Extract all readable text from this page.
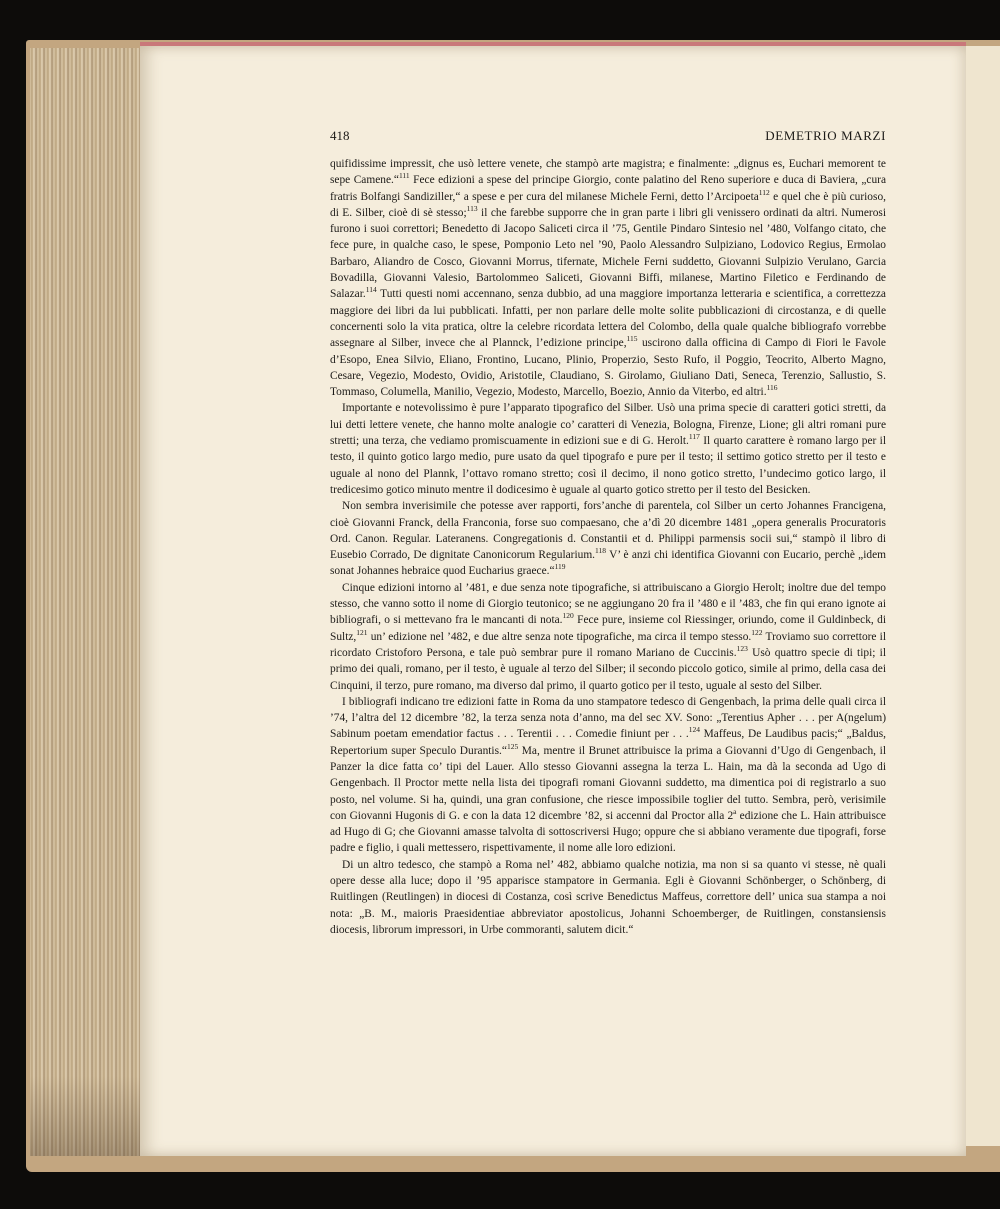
418	DEMETRIO MARZI

quifidissime impressit, che usò lettere venete, che stampò arte magistra; e finalmente: „dignus es, Euchari memorent te sepe Camene.“$^{111}$ Fece edizioni a spese del principe Giorgio, conte palatino del Reno superiore e duca di Baviera, „cura fratris Bolfangi Sandiziller,“ a spese e per cura del milanese Michele Ferni, detto l’Arcipoeta$^{112}$ e quel che è più curioso, di E. Silber, cioè di sè stesso;$^{113}$ il che farebbe supporre che in gran parte i libri gli venissero ordinati da altri. Numerosi furono i suoi correttori; Benedetto di Jacopo Saliceti circa il ’75, Gentile Pindaro Sintesio nel ’480, Volfango citato, che fece pure, in qualche caso, le spese, Pomponio Leto nel ’90, Paolo Alessandro Sulpiziano, Lodovico Regius, Ermolao Barbaro, Aliandro de Cosco, Giovanni Morrus, tifernate, Michele Ferni suddetto, Giovanni Sulpizio Verulano, Garcia Bovadilla, Giovanni Valesio, Bartolommeo Saliceti, Giovanni Biffi, milanese, Martino Filetico e Ferdinando de Salazar.$^{114}$ Tutti questi nomi accennano, senza dubbio, ad una maggiore importanza letteraria e scientifica, a correttezza maggiore dei libri da lui pubblicati. Infatti, per non parlare delle molte solite pubblicazioni di circostanza, e di quelle concernenti solo la vita pratica, oltre la celebre ricordata lettera del Colombo, della quale qualche bibliografo vorrebbe assegnare al Silber, invece che al Plannck, l’edizione principe,$^{115}$ uscirono dalla officina di Campo di Fiori le Favole d’Esopo, Enea Silvio, Eliano, Frontino, Lucano, Plinio, Properzio, Sesto Rufo, il Poggio, Teocrito, Alberto Magno, Cesare, Vegezio, Modesto, Ovidio, Aristotile, Claudiano, S. Girolamo, Giuliano Dati, Seneca, Terenzio, Sallustio, S. Tommaso, Columella, Manilio, Vegezio, Modesto, Marcello, Boezio, Annio da Viterbo, ed altri.$^{116}$

Importante e notevolissimo è pure l’apparato tipografico del Silber. Usò una prima specie di caratteri gotici stretti, da lui detti lettere venete, che hanno molte analogie co’ caratteri di Venezia, Bologna, Firenze, Lione; gli altri romani pure stretti; una terza, che vediamo promiscuamente in edizioni sue e di G. Herolt.$^{117}$ Il quarto carattere è romano largo per il testo, il quinto gotico largo medio, pure usato da quel tipografo e pure per il testo; il settimo gotico stretto per il testo e uguale al nono del Plannk, l’ottavo romano stretto; così il decimo, il nono gotico stretto, l’undecimo gotico largo, il tredicesimo gotico minuto mentre il dodicesimo è uguale al quarto gotico stretto per il testo del Besicken.

Non sembra inverisimile che potesse aver rapporti, fors’anche di parentela, col Silber un certo Johannes Francigena, cioè Giovanni Franck, della Franconia, forse suo compaesano, che a’dì 20 dicembre 1481 „opera generalis Procuratoris Ord. Canon. Regular. Lateranens. Congregationis d. Constantii et d. Philippi parmensis socii sui,“ stampò il libro di Eusebio Corrado, De dignitate Canonicorum Regularium.$^{118}$ V’ è anzi chi identifica Giovanni con Eucario, perchè „idem sonat Johannes hebraice quod Eucharius graece.“$^{119}$

Cinque edizioni intorno al ’481, e due senza note tipografiche, si attribuiscano a Giorgio Herolt; inoltre due del tempo stesso, che vanno sotto il nome di Giorgio teutonico; se ne aggiungano 20 fra il ’480 e il ’483, che fin qui erano ignote ai bibliografi, o si mettevano fra le mancanti di nota.$^{120}$ Fece pure, insieme col Riessinger, oriundo, come il Guldinbeck, di Sultz,$^{121}$ un’ edizione nel ’482, e due altre senza note tipografiche, ma circa il tempo stesso.$^{122}$ Troviamo suo correttore il ricordato Cristoforo Persona, e tale può sembrar pure il romano Mariano de Cuccinis.$^{123}$ Usò quattro specie di tipi; il primo dei quali, romano, per il testo, è uguale al terzo del Silber; il secondo piccolo gotico, simile al primo, della casa dei Cinquini, il terzo, pure romano, ma diverso dal primo, il quarto gotico per il testo, uguale al sesto del Silber.

I bibliografi indicano tre edizioni fatte in Roma da uno stampatore tedesco di Gengenbach, la prima delle quali circa il ’74, l’altra del 12 dicembre ’82, la terza senza nota d’anno, ma del sec XV. Sono: „Terentius Apher . . . per A(ngelum) Sabinum poetam emendatior factus . . . Terentii . . . Comedie finiunt per . . .$^{124}$ Maffeus, De Laudibus pacis;“ „Baldus, Repertorium super Speculo Durantis.“$^{125}$ Ma, mentre il Brunet attribuisce la prima a Giovanni d’Ugo di Gengenbach, il Panzer la dice fatta co’ tipi del Lauer. Allo stesso Giovanni assegna la terza L. Hain, ma dà la seconda ad Ugo di Gengenbach. Il Proctor mette nella lista dei tipografi romani Giovanni suddetto, ma dimentica poi di registrarlo a suo posto, nel volume. Si ha, quindi, una gran confusione, che riesce impossibile toglier del tutto. Sembra, però, verisimile con Giovanni Hugonis di G. e con la data 12 dicembre ’82, si accenni dal Proctor alla 2$^a$ edizione che L. Hain attribuisce ad Hugo di G; che Giovanni amasse talvolta di sottoscriversi Hugo; oppure che si abbiano veramente due tipografi, forse padre e figlio, i quali mettessero, rispettivamente, il nome alle loro edizioni.

Di un altro tedesco, che stampò a Roma nel’ 482, abbiamo qualche notizia, ma non si sa quanto vi stesse, nè quali opere desse alla luce; dopo il ’95 apparisce stampatore in Germania. Egli è Giovanni Schönberger, o Schönberg, di Ruitlingen (Reutlingen) in diocesi di Costanza, così scrive Benedictus Maffeus, correttore dell’ unica sua stampa a noi nota: „B. M., maioris Praesidentiae abbreviator apostolicus, Johanni Schoemberger, de Ruitlingen, constansiensis diocesis, librorum impressori, in Urbe commoranti, salutem dicit.“
